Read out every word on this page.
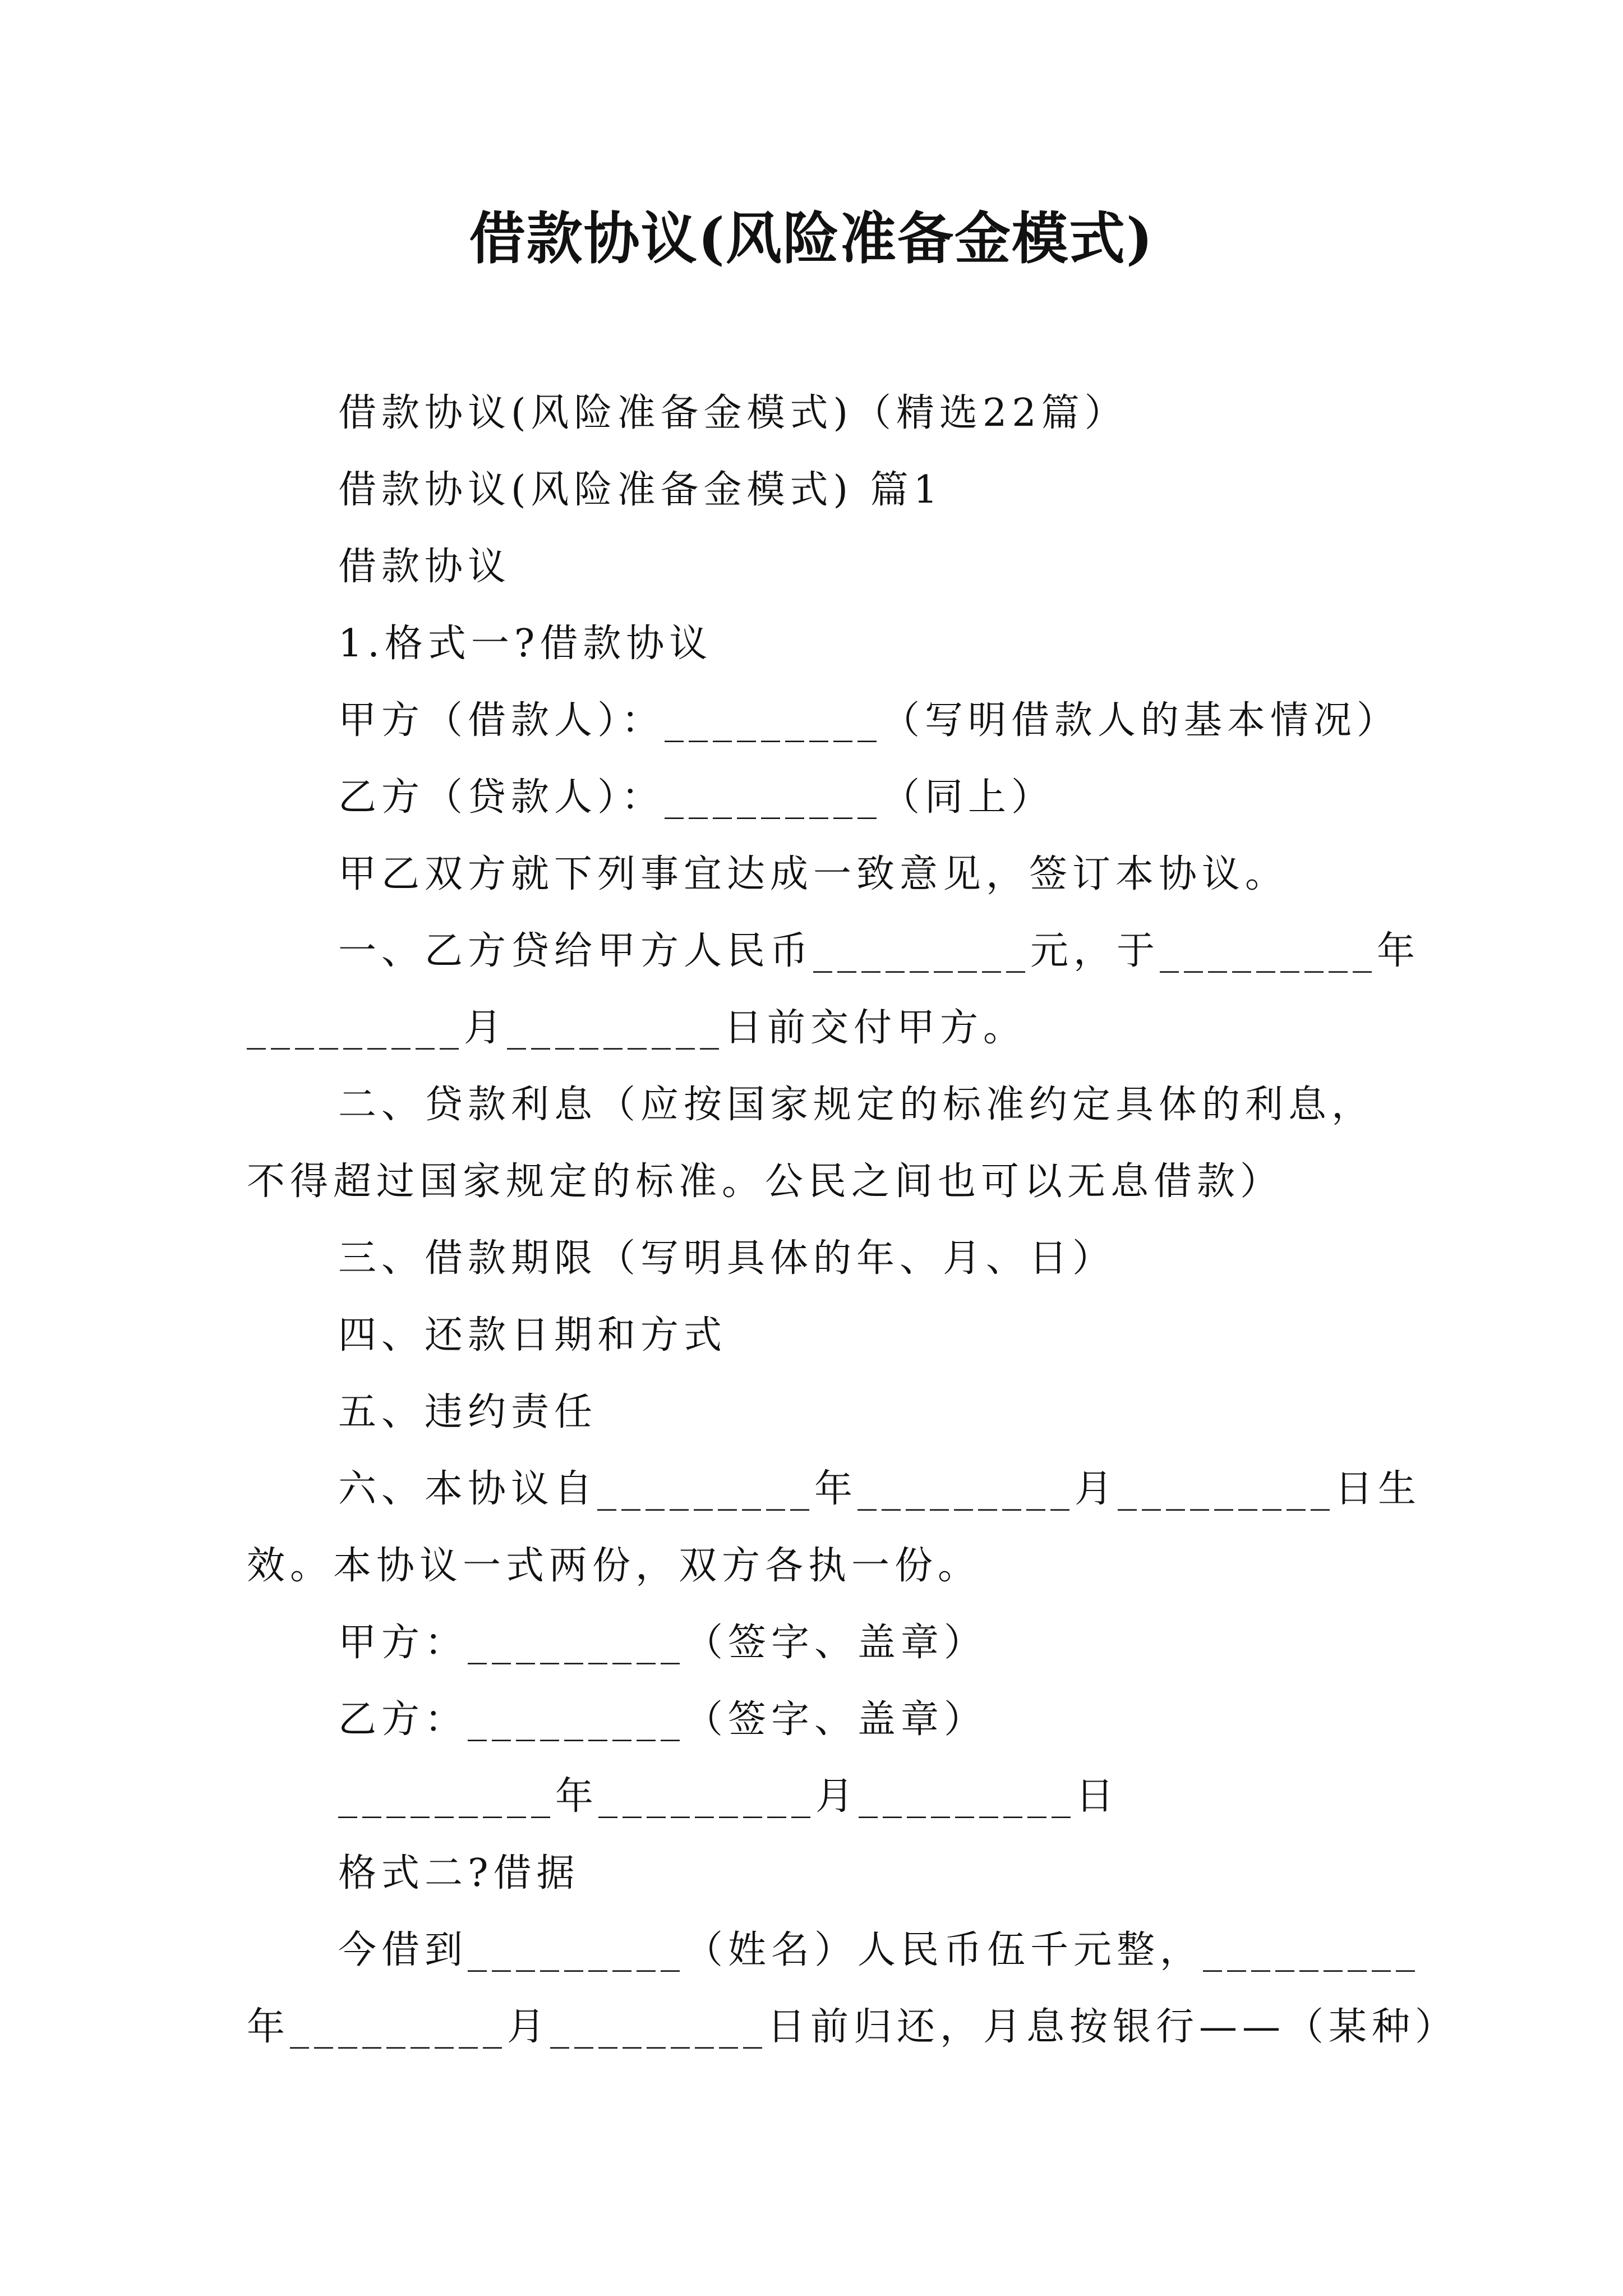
借款协议(风险准备金模式)

借款协议(风险准备金模式)（精选22篇）

借款协议(风险准备金模式) 篇1

借款协议

1.格式一?借款协议

甲方（借款人）：_________（写明借款人的基本情况）

乙方（贷款人）：_________（同上）

甲乙双方就下列事宜达成一致意见，签订本协议。

一、乙方贷给甲方人民币_________元，于_________年

_________月_________日前交付甲方。

二、贷款利息（应按国家规定的标准约定具体的利息，

不得超过国家规定的标准。公民之间也可以无息借款）

三、借款期限（写明具体的年、月、日）

四、还款日期和方式

五、违约责任

六、本协议自_________年_________月_________日生

效。本协议一式两份，双方各执一份。

甲方：_________（签字、盖章）

乙方：_________（签字、盖章）

_________年_________月_________日

格式二?借据

今借到_________（姓名）人民币伍千元整，_________

年_________月_________日前归还，月息按银行——（某种）
